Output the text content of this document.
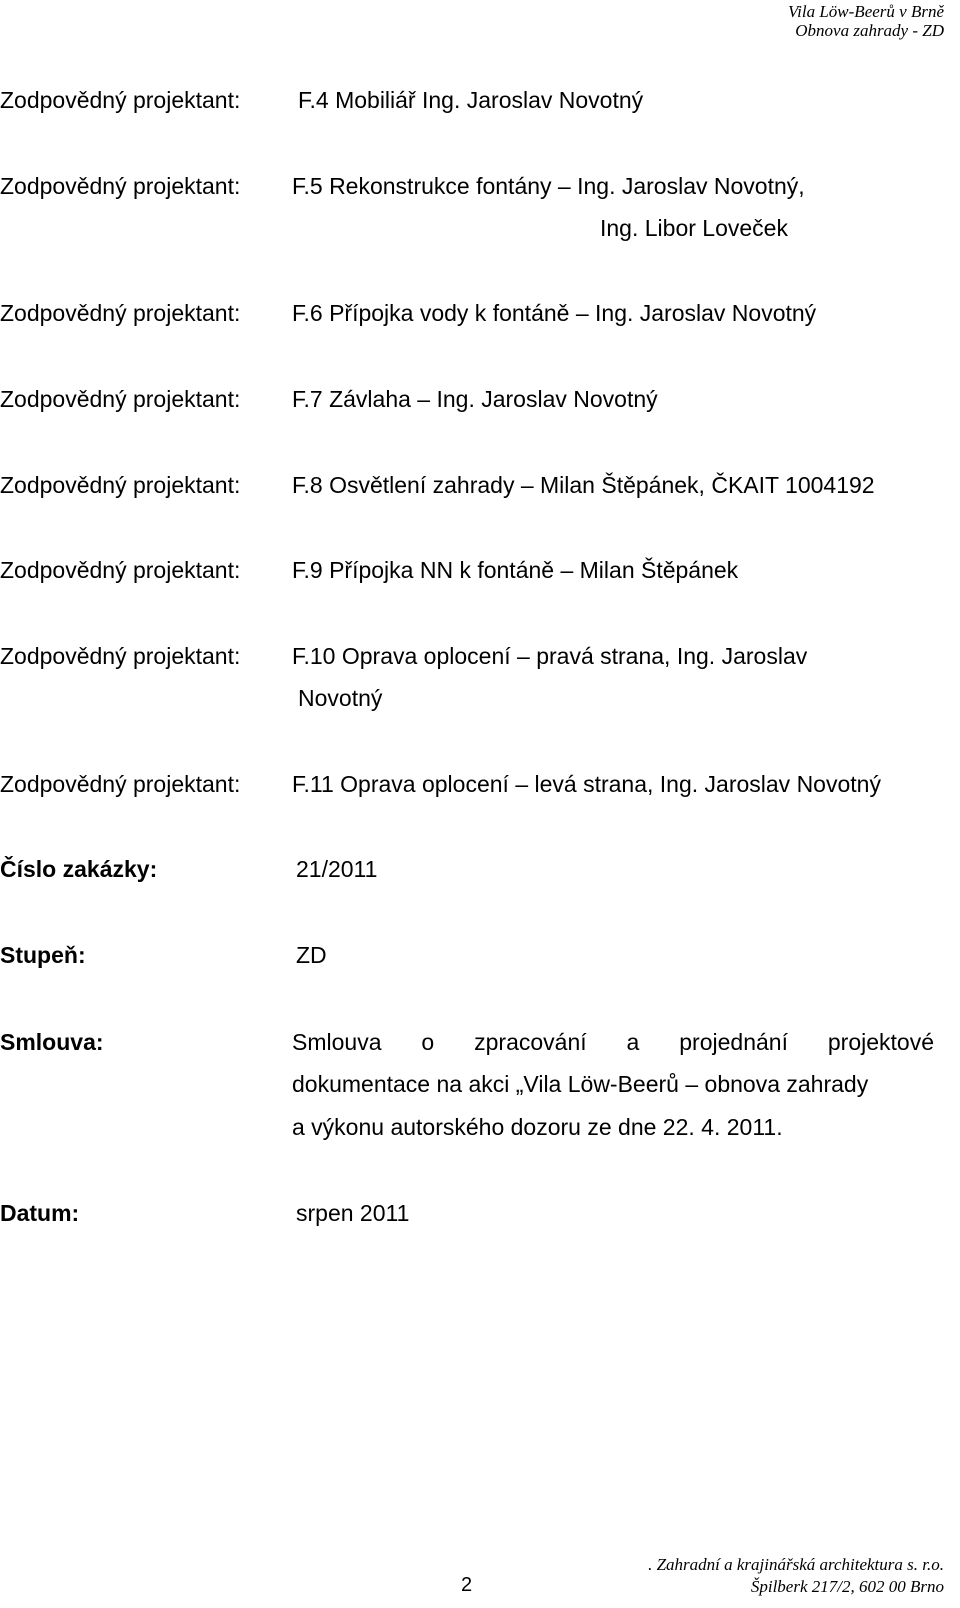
Vila Löw-Beerů v Brně
Obnova zahrady - ZD
Zodpovědný projektant:	F.4 Mobiliář Ing. Jaroslav Novotný
Zodpovědný projektant: F.5 Rekonstrukce fontány – Ing. Jaroslav Novotný,
Ing. Libor Loveček
Zodpovědný projektant: F.6 Přípojka vody k fontáně – Ing. Jaroslav Novotný
Zodpovědný projektant: F.7 Závlaha – Ing. Jaroslav Novotný
Zodpovědný projektant: F.8 Osvětlení zahrady – Milan Štěpánek, ČKAIT 1004192
Zodpovědný projektant: F.9 Přípojka NN k fontáně – Milan Štěpánek
Zodpovědný projektant: F.10 Oprava oplocení – pravá strana, Ing. Jaroslav
Novotný
Zodpovědný projektant: F.11 Oprava oplocení – levá strana, Ing. Jaroslav Novotný
Číslo zakázky:	21/2011
Stupeň:	ZD
Smlouva:	Smlouva o zpracování a projednání projektové
dokumentace na akci „Vila Löw-Beerů – obnova zahrady
a výkonu autorského dozoru ze dne 22. 4. 2011.
Datum:	srpen 2011
2
. Zahradní a krajinářská architektura s. r.o.
Špilberk 217/2, 602 00 Brno
